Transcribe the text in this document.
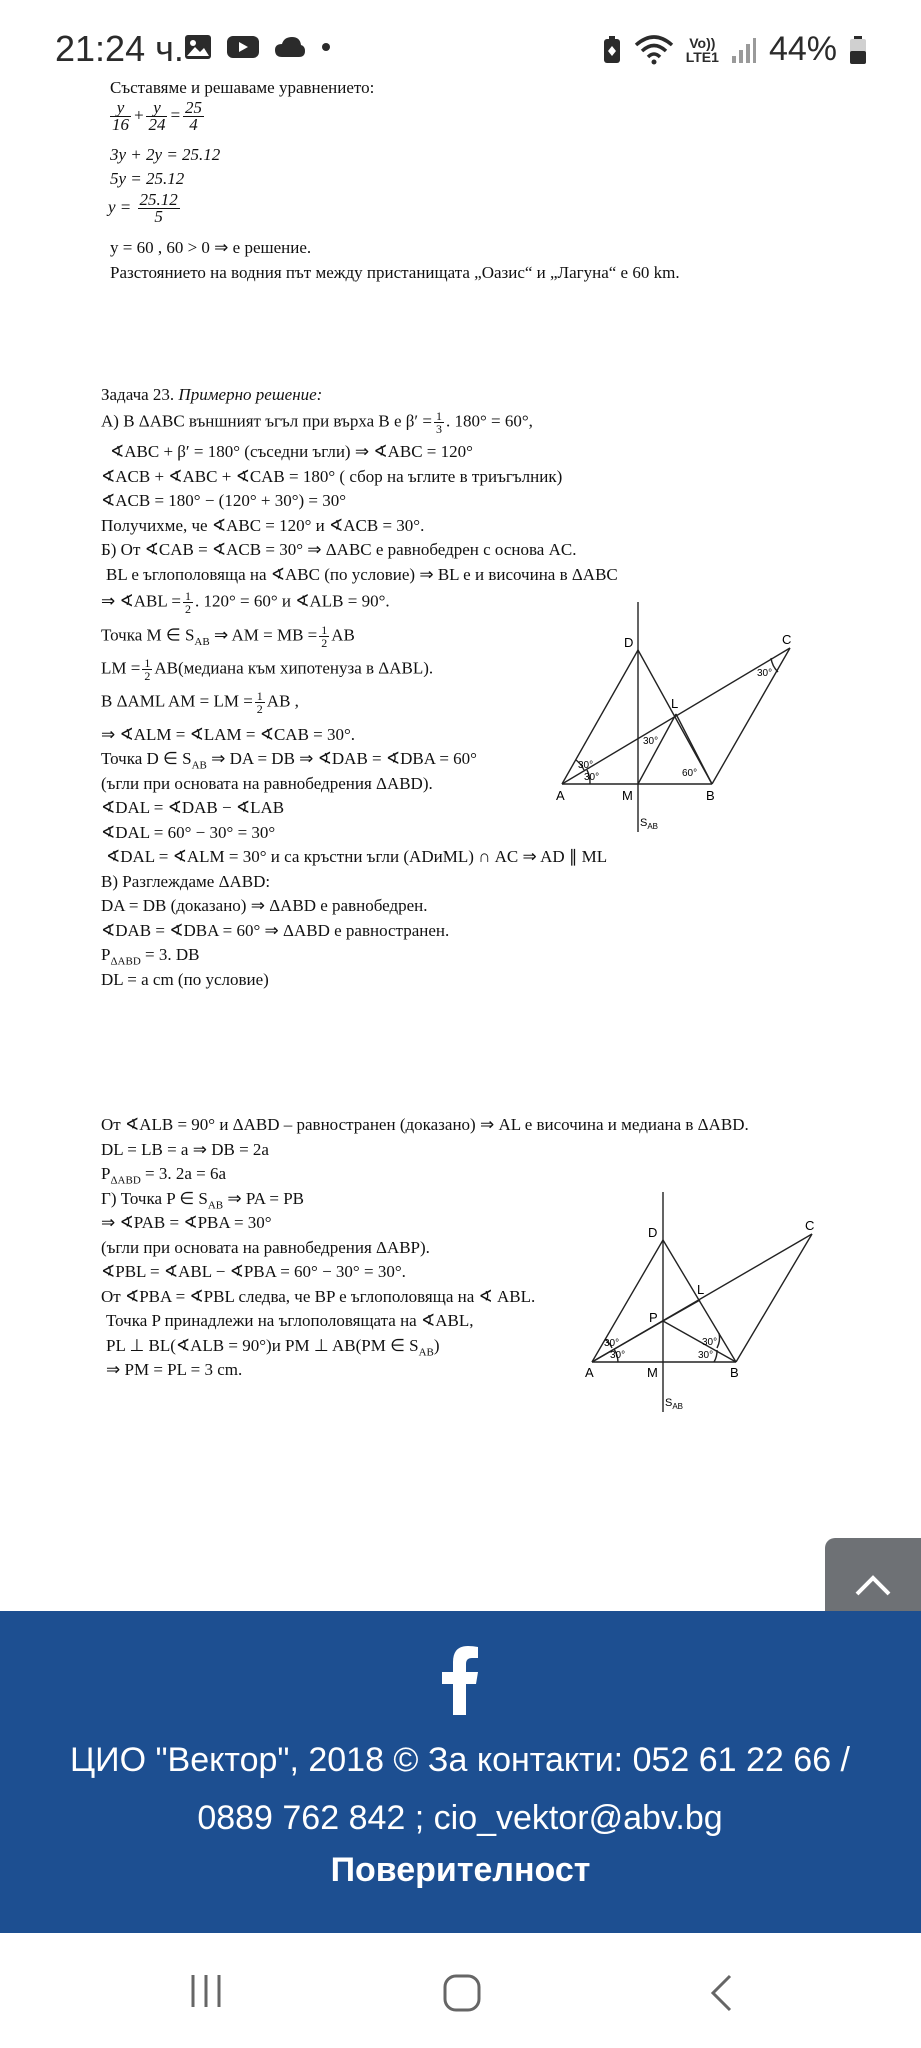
21:24 ч.	Vo))
LTE1 44%
Съставяме и решаваме уравнението:
$\frac{y}{16} + \frac{y}{24} = \frac{25}{4}$
3y + 2y = 25.12
5y = 25.12
$y = \frac{25.12}{5}$
y = 60 , 60 > 0 ⇒ е решение.
Разстоянието на водния път между пристанищата „Оазис“ и „Лагуна“ е 60 km.
Задача 23. Примерно решение:
А) В ΔABC външният ъгъл при върха B е $\beta' = \frac{1}{3}$ . 180° = 60°,
∢ABC + β′ = 180° (съседни ъгли) ⇒ ∢ABC = 120°
∢ACB + ∢ABC + ∢CAB = 180° ( сбор на ъглите в триъгълник)
∢ACB = 180° − (120° + 30°) = 30°
Получихме, че ∢ABC = 120° и ∢ACB = 30°.
Б) От ∢CAB = ∢ACB = 30° ⇒ ΔABC е равнобедрен с основа AC.
BL е ъглополовяща на ∢ABC (по условие) ⇒ BL е и височина в ΔABC
⇒ ∢ABL = $\frac{1}{2}$ . 120° = 60° и ∢ALB = 90°.
Точка M ∈ $S_{AB}$ ⇒ AM = MB = $\frac{1}{2}$ AB
LM = $\frac{1}{2}$ AB(медиана към хипотенуза в ΔABL).
В ΔAML AM = LM = $\frac{1}{2}$ AB ,
⇒ ∢ALM = ∢LAM = ∢CAB = 30°.
Точка D ∈ $S_{AB}$ ⇒ DA = DB ⇒ ∢DAB = ∢DBA = 60°
(ъгли при основата на равнобедрения ΔABD).
∢DAL = ∢DAB − ∢LAB
∢DAL = 60° − 30° = 30°
∢DAL = ∢ALM = 30° и са кръстни ъгли (ADиML) ∩ AC ⇒ AD ∥ ML
В) Разглеждаме ΔABD:
DA = DB (доказано) ⇒ ΔABD е равнобедрен.
∢DAB = ∢DBA = 60° ⇒ ΔABD е равностранен.
$P_{\Delta ABD} = 3$. DB
DL = a cm (по условие)
D	C
L
A	M	B
$S_{AB}$
30°
30°
30°
30°
60°
От ∢ALB = 90° и ΔABD – равностранен (доказано) ⇒ AL е височина и медиана в ΔABD.
DL = LB = a ⇒ DB = 2a
$P_{\Delta ABD} = 3$. 2a = 6a
Г) Точка P ∈ $S_{AB}$ ⇒ PA = PB
⇒ ∢PAB = ∢PBA = 30°
(ъгли при основата на равнобедрения ΔABP).
∢PBL = ∢ABL − ∢PBA = 60° − 30° = 30°.
От ∢PBA = ∢PBL следва, че BP е ъглополовяща на ∢ ABL.
Точка P принадлежи на ъглополовящата на ∢ABL,
PL ⊥ BL(∢ALB = 90°)и PM ⊥ AB(PM ∈ $S_{AB}$)
⇒ PM = PL = 3 cm.
D	C
L
P
A	M	B
$S_{AB}$
30°
30°
30°
30°
ЦИО "Вектор", 2018 © За контакти: 052 61 22 66 / 0889 762 842 ; cio_vektor@abv.bg
Поверителност
